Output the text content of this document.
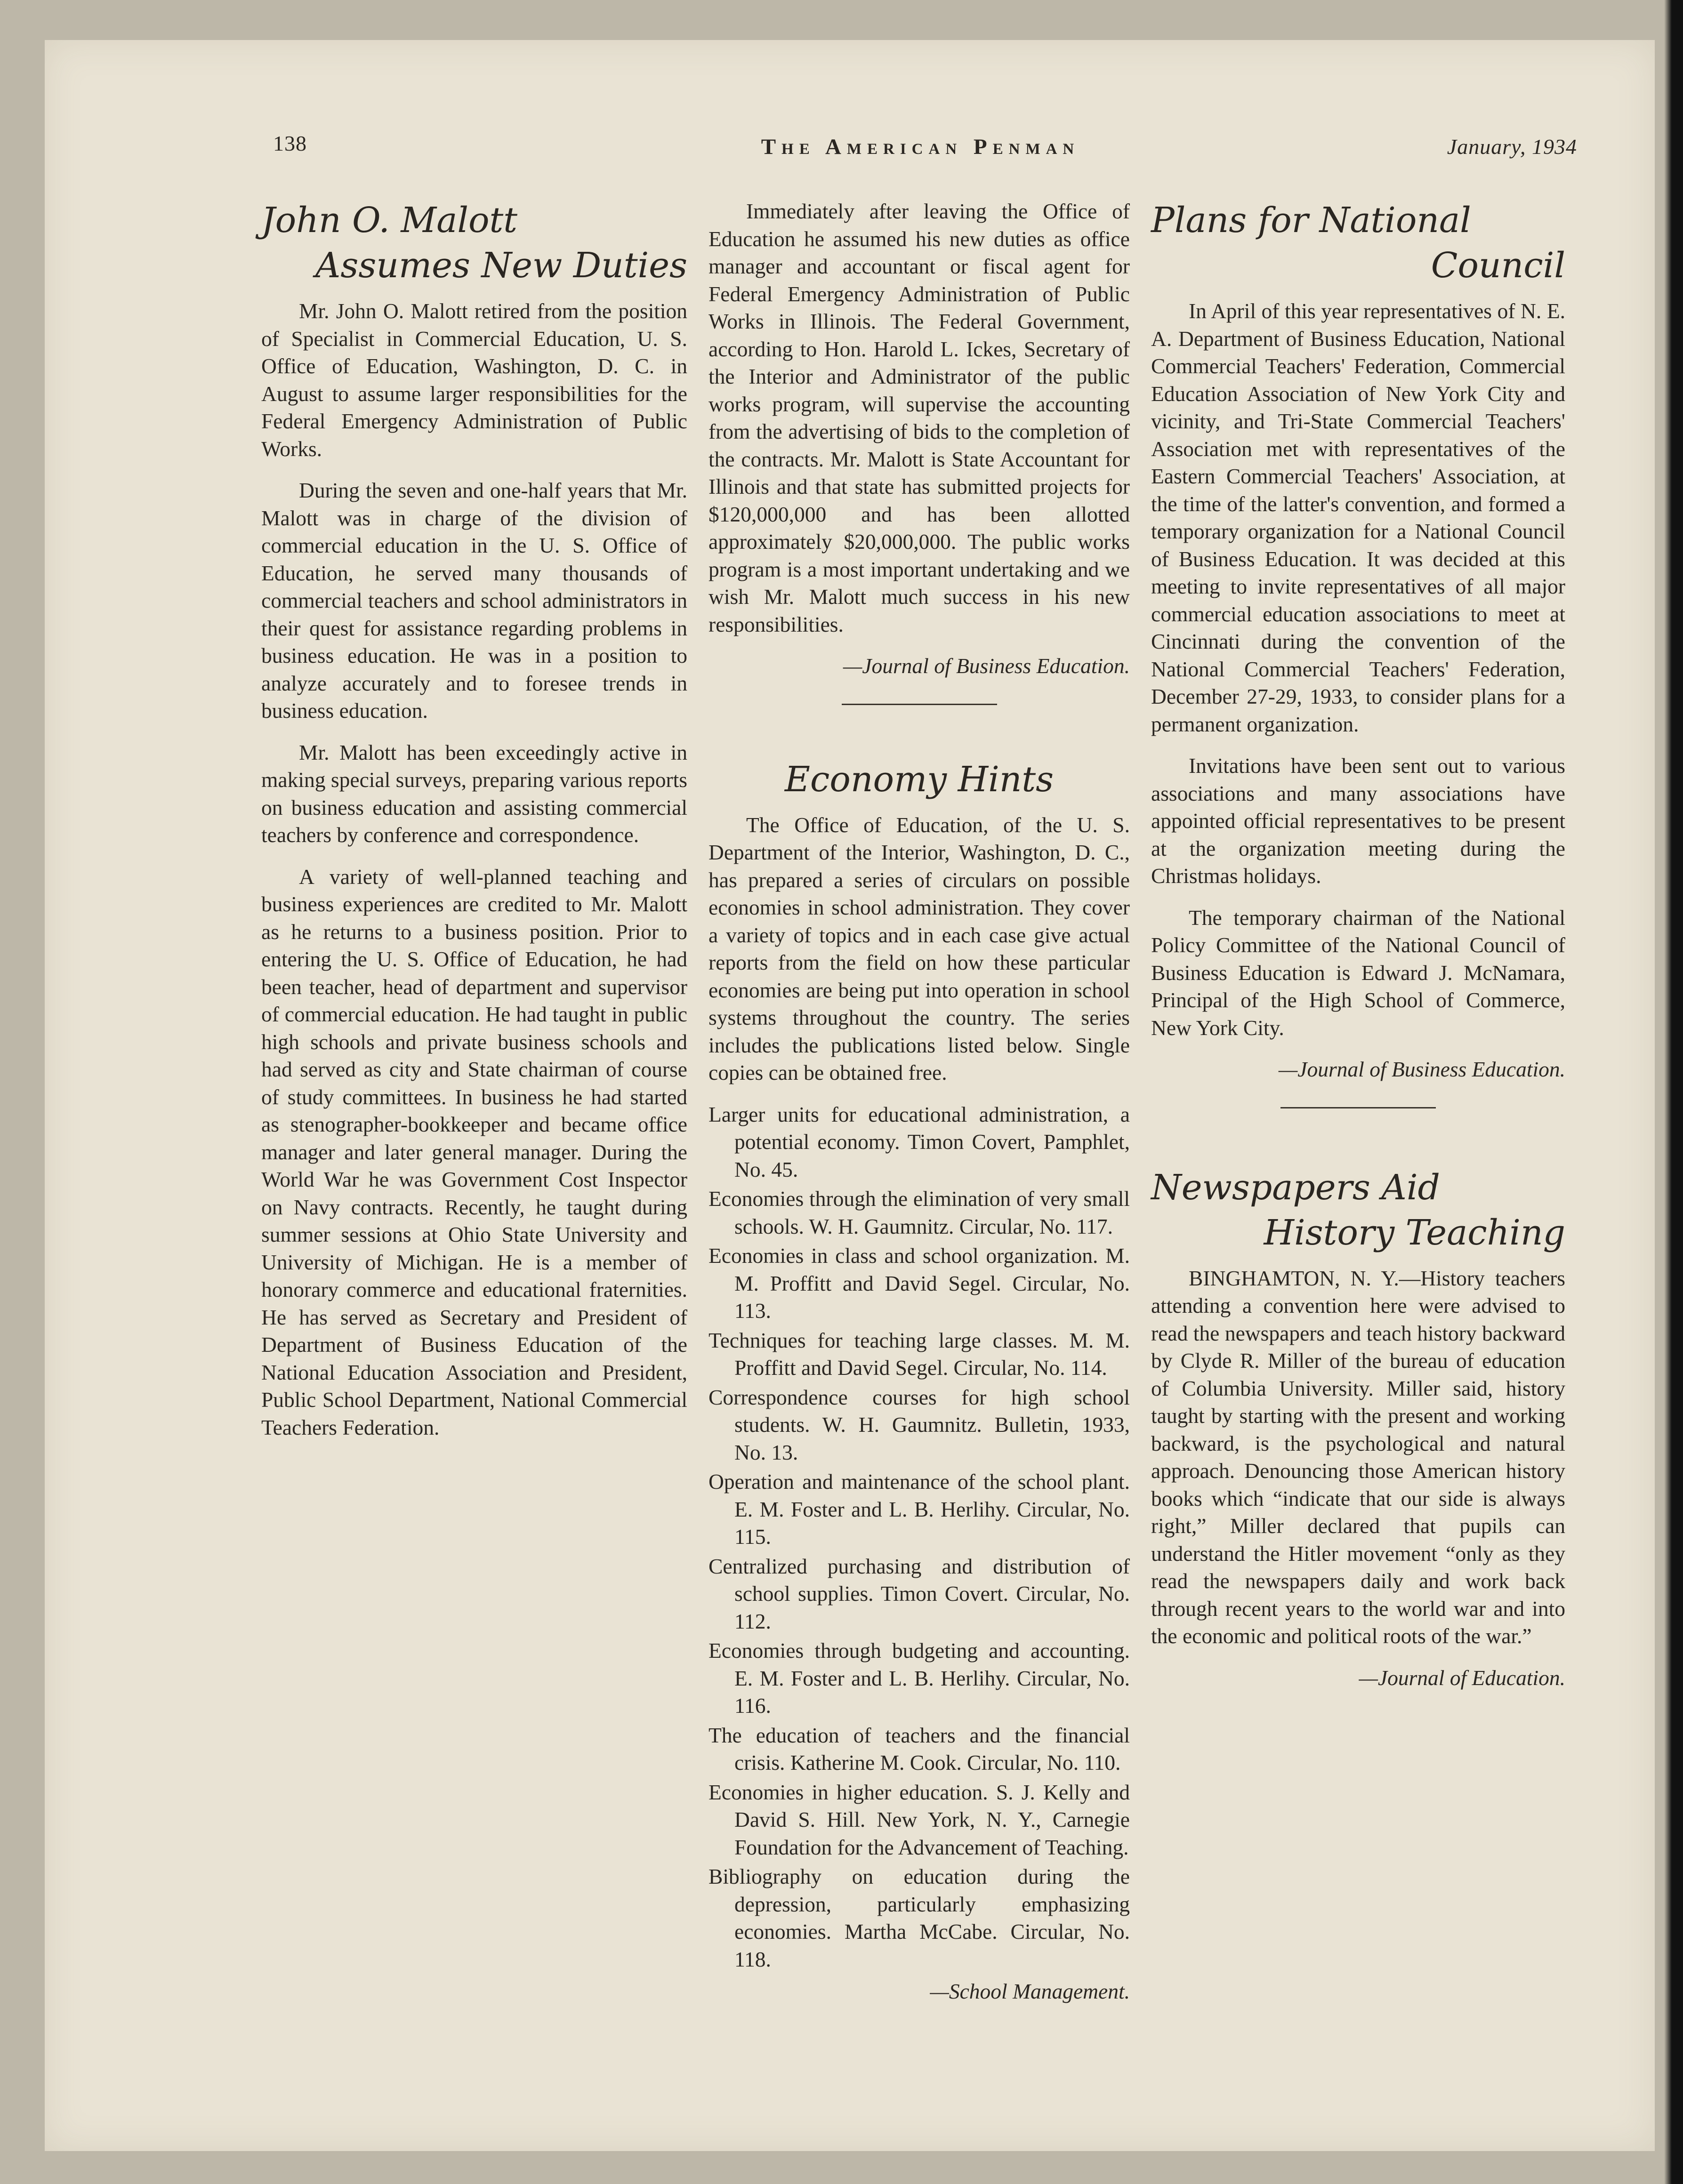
138	The American Penman	January, 1934
John O. Malott
Assumes New Duties

Mr. John O. Malott retired from the position of Specialist in Commercial Education, U. S. Office of Education, Washington, D. C. in August to assume larger responsibilities for the Federal Emergency Administration of Public Works.

During the seven and one-half years that Mr. Malott was in charge of the division of commercial education in the U. S. Office of Education, he served many thousands of commercial teachers and school administrators in their quest for assistance regarding problems in business education. He was in a position to analyze accurately and to foresee trends in business education.

Mr. Malott has been exceedingly active in making special surveys, preparing various reports on business education and assisting commercial teachers by conference and correspondence.

A variety of well-planned teaching and business experiences are credited to Mr. Malott as he returns to a business position. Prior to entering the U. S. Office of Education, he had been teacher, head of department and supervisor of commercial education. He had taught in public high schools and private business schools and had served as city and State chairman of course of study committees. In business he had started as stenographer-bookkeeper and became office manager and later general manager. During the World War he was Government Cost Inspector on Navy contracts. Recently, he taught during summer sessions at Ohio State University and University of Michigan. He is a member of honorary commerce and educational fraternities. He has served as Secretary and President of Department of Business Education of the National Education Association and President, Public School Department, National Commercial Teachers Federation.

Immediately after leaving the Office of Education he assumed his new duties as office manager and accountant or fiscal agent for Federal Emergency Administration of Public Works in Illinois. The Federal Government, according to Hon. Harold L. Ickes, Secretary of the Interior and Administrator of the public works program, will supervise the accounting from the advertising of bids to the completion of the contracts. Mr. Malott is State Accountant for Illinois and that state has submitted projects for $120,000,000 and has been allotted approximately $20,000,000. The public works program is a most important undertaking and we wish Mr. Malott much success in his new responsibilities.

—Journal of Business Education.
Economy Hints

The Office of Education, of the U. S. Department of the Interior, Washington, D. C., has prepared a series of circulars on possible economies in school administration. They cover a variety of topics and in each case give actual reports from the field on how these particular economies are being put into operation in school systems throughout the country. The series includes the publications listed below. Single copies can be obtained free.

Larger units for educational administration, a potential economy. Timon Covert, Pamphlet, No. 45.
Economies through the elimination of very small schools. W. H. Gaumnitz. Circular, No. 117.
Economies in class and school organization. M. M. Proffitt and David Segel. Circular, No. 113.
Techniques for teaching large classes. M. M. Proffitt and David Segel. Circular, No. 114.
Correspondence courses for high school students. W. H. Gaumnitz. Bulletin, 1933, No. 13.
Operation and maintenance of the school plant. E. M. Foster and L. B. Herlihy. Circular, No. 115.
Centralized purchasing and distribution of school supplies. Timon Covert. Circular, No. 112.
Economies through budgeting and accounting. E. M. Foster and L. B. Herlihy. Circular, No. 116.
The education of teachers and the financial crisis. Katherine M. Cook. Circular, No. 110.
Economies in higher education. S. J. Kelly and David S. Hill. New York, N. Y., Carnegie Foundation for the Advancement of Teaching.
Bibliography on education during the depression, particularly emphasizing economies. Martha McCabe. Circular, No. 118.
—School Management.
Plans for National
Council

In April of this year representatives of N. E. A. Department of Business Education, National Commercial Teachers' Federation, Commercial Education Association of New York City and vicinity, and Tri-State Commercial Teachers' Association met with representatives of the Eastern Commercial Teachers' Association, at the time of the latter's convention, and formed a temporary organization for a National Council of Business Education. It was decided at this meeting to invite representatives of all major commercial education associations to meet at Cincinnati during the convention of the National Commercial Teachers' Federation, December 27-29, 1933, to consider plans for a permanent organization.

Invitations have been sent out to various associations and many associations have appointed official representatives to be present at the organization meeting during the Christmas holidays.

The temporary chairman of the National Policy Committee of the National Council of Business Education is Edward J. McNamara, Principal of the High School of Commerce, New York City.

—Journal of Business Education.
Newspapers Aid
History Teaching

BINGHAMTON, N. Y.—History teachers attending a convention here were advised to read the newspapers and teach history backward by Clyde R. Miller of the bureau of education of Columbia University. Miller said, history taught by starting with the present and working backward, is the psychological and natural approach. Denouncing those American history books which “indicate that our side is always right,” Miller declared that pupils can understand the Hitler movement “only as they read the newspapers daily and work back through recent years to the world war and into the economic and political roots of the war.”

—Journal of Education.
